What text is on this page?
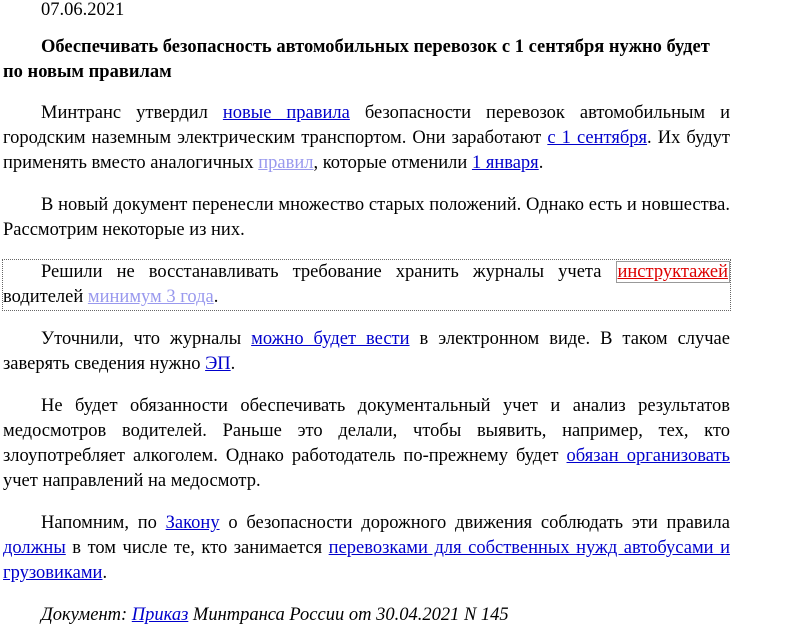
07.06.2021
Обеспечивать безопасность автомобильных перевозок с 1 сентября нужно будет по новым правилам

Минтранс утвердил новые правила безопасности перевозок автомобильным и городским наземным электрическим транспортом. Они заработают с 1 сентября. Их будут применять вместо аналогичных правил, которые отменили 1 января.

В новый документ перенесли множество старых положений. Однако есть и новшества. Рассмотрим некоторые из них.

Решили не восстанавливать требование хранить журналы учета инструктажей водителей минимум 3 года.

Уточнили, что журналы можно будет вести в электронном виде. В таком случае заверять сведения нужно ЭП.

Не будет обязанности обеспечивать документальный учет и анализ результатов медосмотров водителей. Раньше это делали, чтобы выявить, например, тех, кто злоупотребляет алкоголем. Однако работодатель по-прежнему будет обязан организовать учет направлений на медосмотр.

Напомним, по Закону о безопасности дорожного движения соблюдать эти правила должны в том числе те, кто занимается перевозками для собственных нужд автобусами и грузовиками.

Документ: Приказ Минтранса России от 30.04.2021 N 145
